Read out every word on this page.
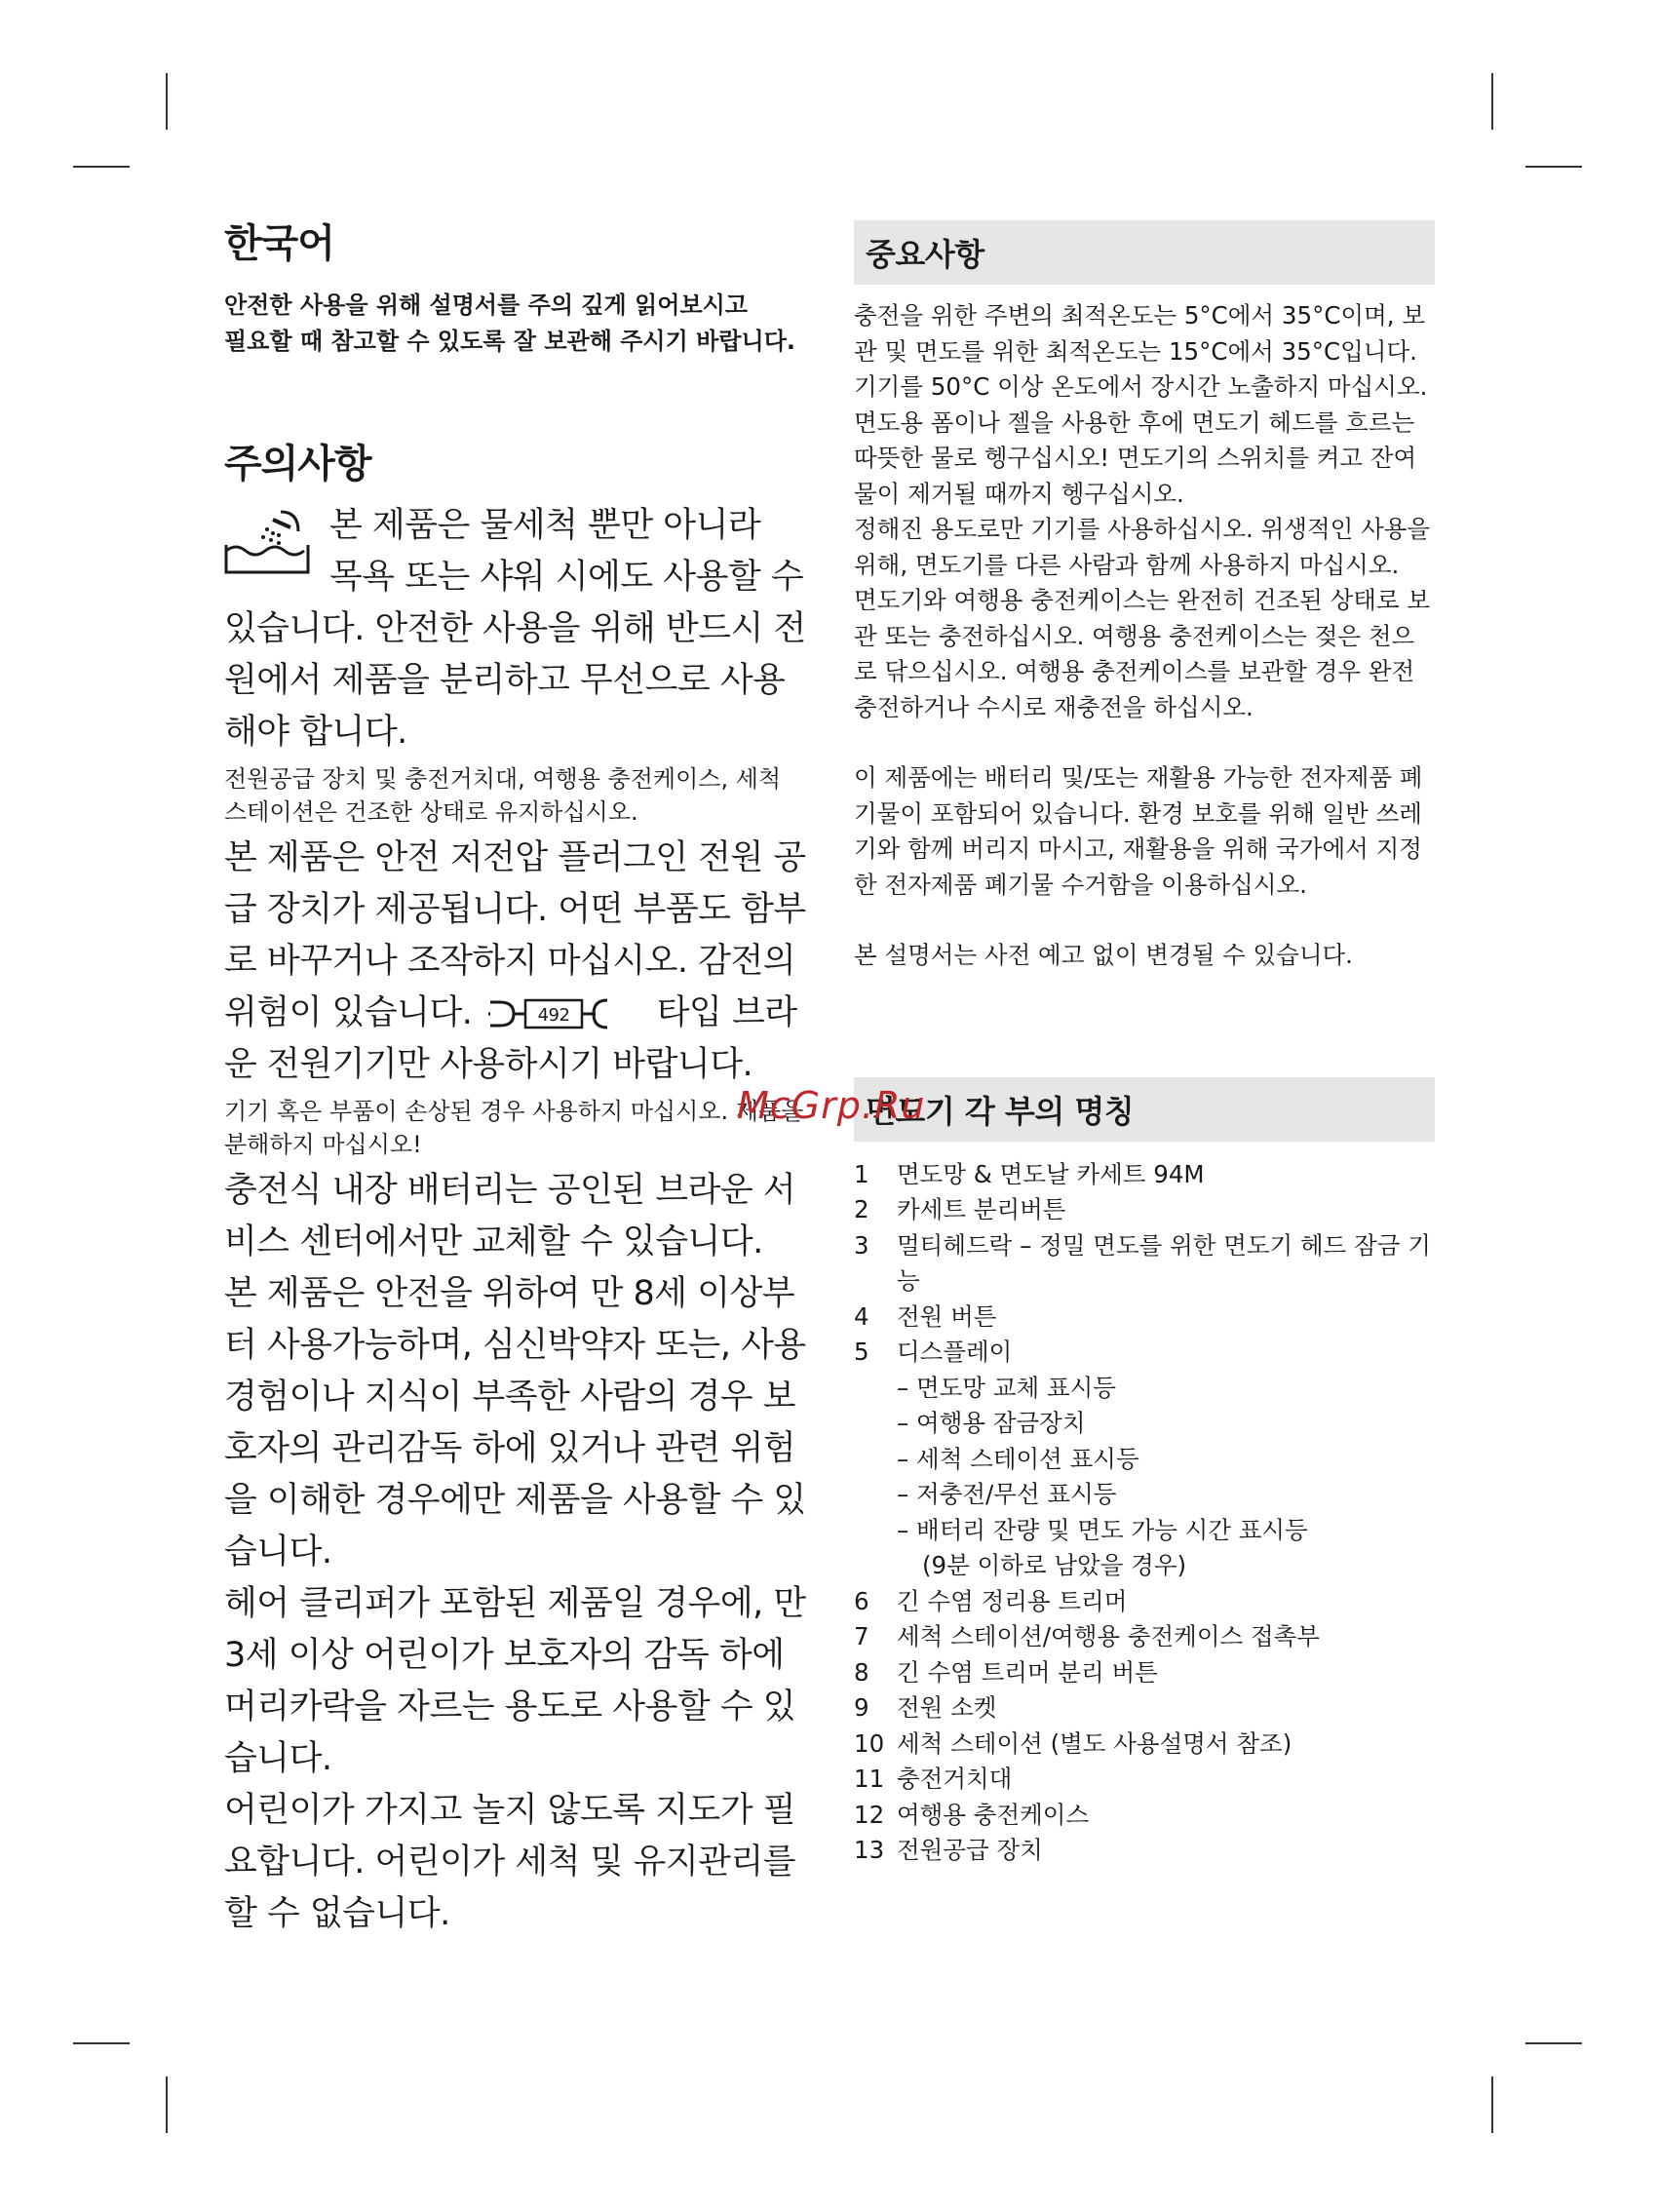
한국어

안전한 사용을 위해 설명서를 주의 깊게 읽어보시고
필요할 때 참고할 수 있도록 잘 보관해 주시기 바랍니다.

주의사항

본 제품은 물세척 뿐만 아니라

목욕 또는 샤워 시에도 사용할 수

있습니다. 안전한 사용을 위해 반드시 전원에서 제품을 분리하고 무선으로 사용해야 합니다.

전원공급 장치 및 충전거치대, 여행용 충전케이스, 세척 스테이션은 건조한 상태로 유지하십시오.

본 제품은 안전 저전압 플러그인 전원 공급 장치가 제공됩니다. 어떤 부품도 함부로 바꾸거나 조작하지 마십시오. 감전의 위험이 있습니다.	492	타입 브라운 전원기기만 사용하시기 바랍니다.

기기 혹은 부품이 손상된 경우 사용하지 마십시오. 제품을 분해하지 마십시오!

충전식 내장 배터리는 공인된 브라운 서비스 센터에서만 교체할 수 있습니다.

본 제품은 안전을 위하여 만 8세 이상부터 사용가능하며, 심신박약자 또는, 사용 경험이나 지식이 부족한 사람의 경우 보호자의 관리감독 하에 있거나 관련 위험을 이해한 경우에만 제품을 사용할 수 있습니다.

헤어 클리퍼가 포함된 제품일 경우에, 만 3세 이상 어린이가 보호자의 감독 하에 머리카락을 자르는 용도로 사용할 수 있습니다.

어린이가 가지고 놀지 않도록 지도가 필요합니다. 어린이가 세척 및 유지관리를 할 수 없습니다.

중요사항

충전을 위한 주변의 최적온도는 5°C에서 35°C이며, 보관 및 면도를 위한 최적온도는 15°C에서 35°C입니다.

기기를 50°C 이상 온도에서 장시간 노출하지 마십시오.

면도용 폼이나 젤을 사용한 후에 면도기 헤드를 흐르는 따뜻한 물로 헹구십시오! 면도기의 스위치를 켜고 잔여물이 제거될 때까지 헹구십시오.

정해진 용도로만 기기를 사용하십시오. 위생적인 사용을 위해, 면도기를 다른 사람과 함께 사용하지 마십시오.

면도기와 여행용 충전케이스는 완전히 건조된 상태로 보관 또는 충전하십시오. 여행용 충전케이스는 젖은 천으로 닦으십시오. 여행용 충전케이스를 보관할 경우 완전 충전하거나 수시로 재충전을 하십시오.

이 제품에는 배터리 및/또는 재활용 가능한 전자제품 폐기물이 포함되어 있습니다. 환경 보호를 위해 일반 쓰레기와 함께 버리지 마시고, 재활용을 위해 국가에서 지정한 전자제품 폐기물 수거함을 이용하십시오.

본 설명서는 사전 예고 없이 변경될 수 있습니다.

면도기 각 부의 명칭
1 면도망 & 면도날 카세트 94M
2 카세트 분리버튼
3 멀티헤드락 – 정밀 면도를 위한 면도기 헤드 잠금 기능
4 전원 버튼
5 디스플레이
– 면도망 교체 표시등
– 여행용 잠금장치
– 세척 스테이션 표시등
– 저충전/무선 표시등
– 배터리 잔량 및 면도 가능 시간 표시등
(9분 이하로 남았을 경우)
6 긴 수염 정리용 트리머
7 세척 스테이션/여행용 충전케이스 접촉부
8 긴 수염 트리머 분리 버튼
9 전원 소켓
10 세척 스테이션 (별도 사용설명서 참조)
11 충전거치대
12 여행용 충전케이스
13 전원공급 장치
McGrp.Ru
